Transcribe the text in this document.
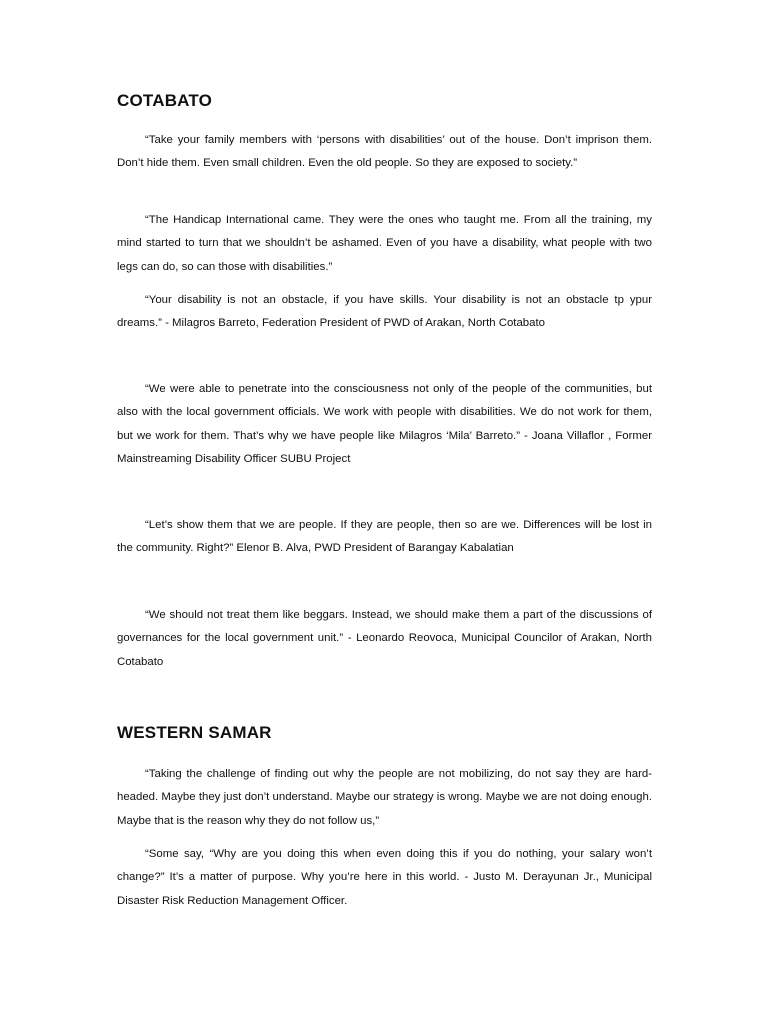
COTABATO

“Take your family members with ‘persons with disabilities’ out of the house. Don’t imprison them. Don’t hide them. Even small children. Even the old people. So they are exposed to society.”

“The Handicap International came. They were the ones who taught me. From all the training, my mind started to turn that we shouldn’t be ashamed. Even of you have a disability, what people with two legs can do, so can those with disabilities.”

“Your disability is not an obstacle, if you have skills. Your disability is not an obstacle tp ypur dreams.” - Milagros Barreto, Federation President of PWD of Arakan, North Cotabato

“We were able to penetrate into the consciousness not only of the people of the communities, but also with the local government officials. We work with people with disabilities. We do not work for them, but we work for them. That’s why we have people like Milagros ‘Mila’ Barreto.” - Joana Villaflor , Former Mainstreaming Disability Officer SUBU Project

“Let’s show them that we are people. If they are people, then so are we. Differences will be lost in the community. Right?” Elenor B. Alva, PWD President of Barangay Kabalatian

“We should not treat them like beggars. Instead, we should make them a part of the discussions of governances for the local government unit.” - Leonardo Reovoca, Municipal Councilor of Arakan, North Cotabato

WESTERN SAMAR

“Taking the challenge of finding out why the people are not mobilizing, do not say they are hard-headed. Maybe they just don’t understand. Maybe our strategy is wrong. Maybe we are not doing enough. Maybe that is the reason why they do not follow us,”

“Some say, “Why are you doing this when even doing this if you do nothing, your salary won’t change?” It’s a matter of purpose. Why you’re here in this world. - Justo M. Derayunan Jr., Municipal Disaster Risk Reduction Management Officer.
